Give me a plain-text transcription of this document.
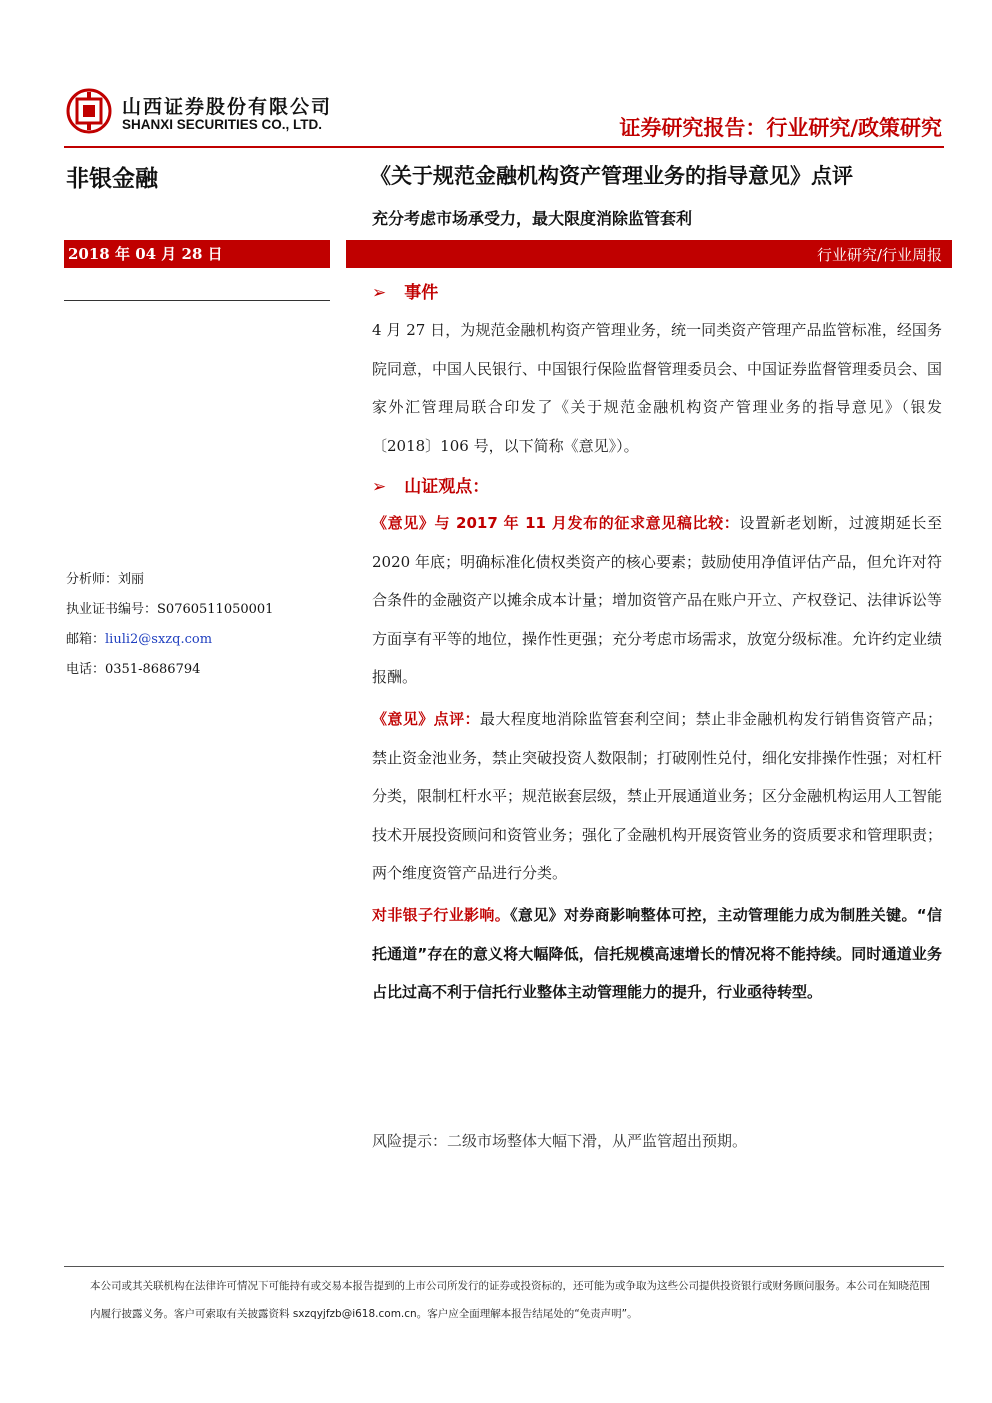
山西证券股份有限公司
SHANXI SECURITIES CO., LTD.	证券研究报告：行业研究/政策研究
非银金融	《关于规范金融机构资产管理业务的指导意见》点评
充分考虑市场承受力，最大限度消除监管套利
2018 年 04 月 28 日	行业研究/行业周报
分析师：刘丽
执业证书编号：S0760511050001
邮箱：liuli2@sxzq.com
电话：0351-8686794
➢ 事件
4 月 27 日，为规范金融机构资产管理业务，统一同类资产管理产品监管标准，经国务院同意，中国人民银行、中国银行保险监督管理委员会、中国证券监督管理委员会、国家外汇管理局联合印发了《关于规范金融机构资产管理业务的指导意见》（银发〔2018〕106 号，以下简称《意见》）。
➢ 山证观点：
《意见》与 2017 年 11 月发布的征求意见稿比较：设置新老划断，过渡期延长至 2020 年底；明确标准化债权类资产的核心要素；鼓励使用净值评估产品，但允许对符合条件的金融资产以摊余成本计量；增加资管产品在账户开立、产权登记、法律诉讼等方面享有平等的地位，操作性更强；充分考虑市场需求，放宽分级标准。允许约定业绩报酬。
《意见》点评：最大程度地消除监管套利空间；禁止非金融机构发行销售资管产品；禁止资金池业务，禁止突破投资人数限制；打破刚性兑付，细化安排操作性强；对杠杆分类，限制杠杆水平；规范嵌套层级，禁止开展通道业务；区分金融机构运用人工智能技术开展投资顾问和资管业务；强化了金融机构开展资管业务的资质要求和管理职责；两个维度资管产品进行分类。
对非银子行业影响。《意见》对券商影响整体可控，主动管理能力成为制胜关键。“信托通道”存在的意义将大幅降低，信托规模高速增长的情况将不能持续。同时通道业务占比过高不利于信托行业整体主动管理能力的提升，行业亟待转型。
风险提示：二级市场整体大幅下滑，从严监管超出预期。
本公司或其关联机构在法律许可情况下可能持有或交易本报告提到的上市公司所发行的证券或投资标的，还可能为或争取为这些公司提供投资银行或财务顾问服务。本公司在知晓范围内履行披露义务。客户可索取有关披露资料 sxzqyjfzb@i618.com.cn。客户应全面理解本报告结尾处的“免责声明”。
